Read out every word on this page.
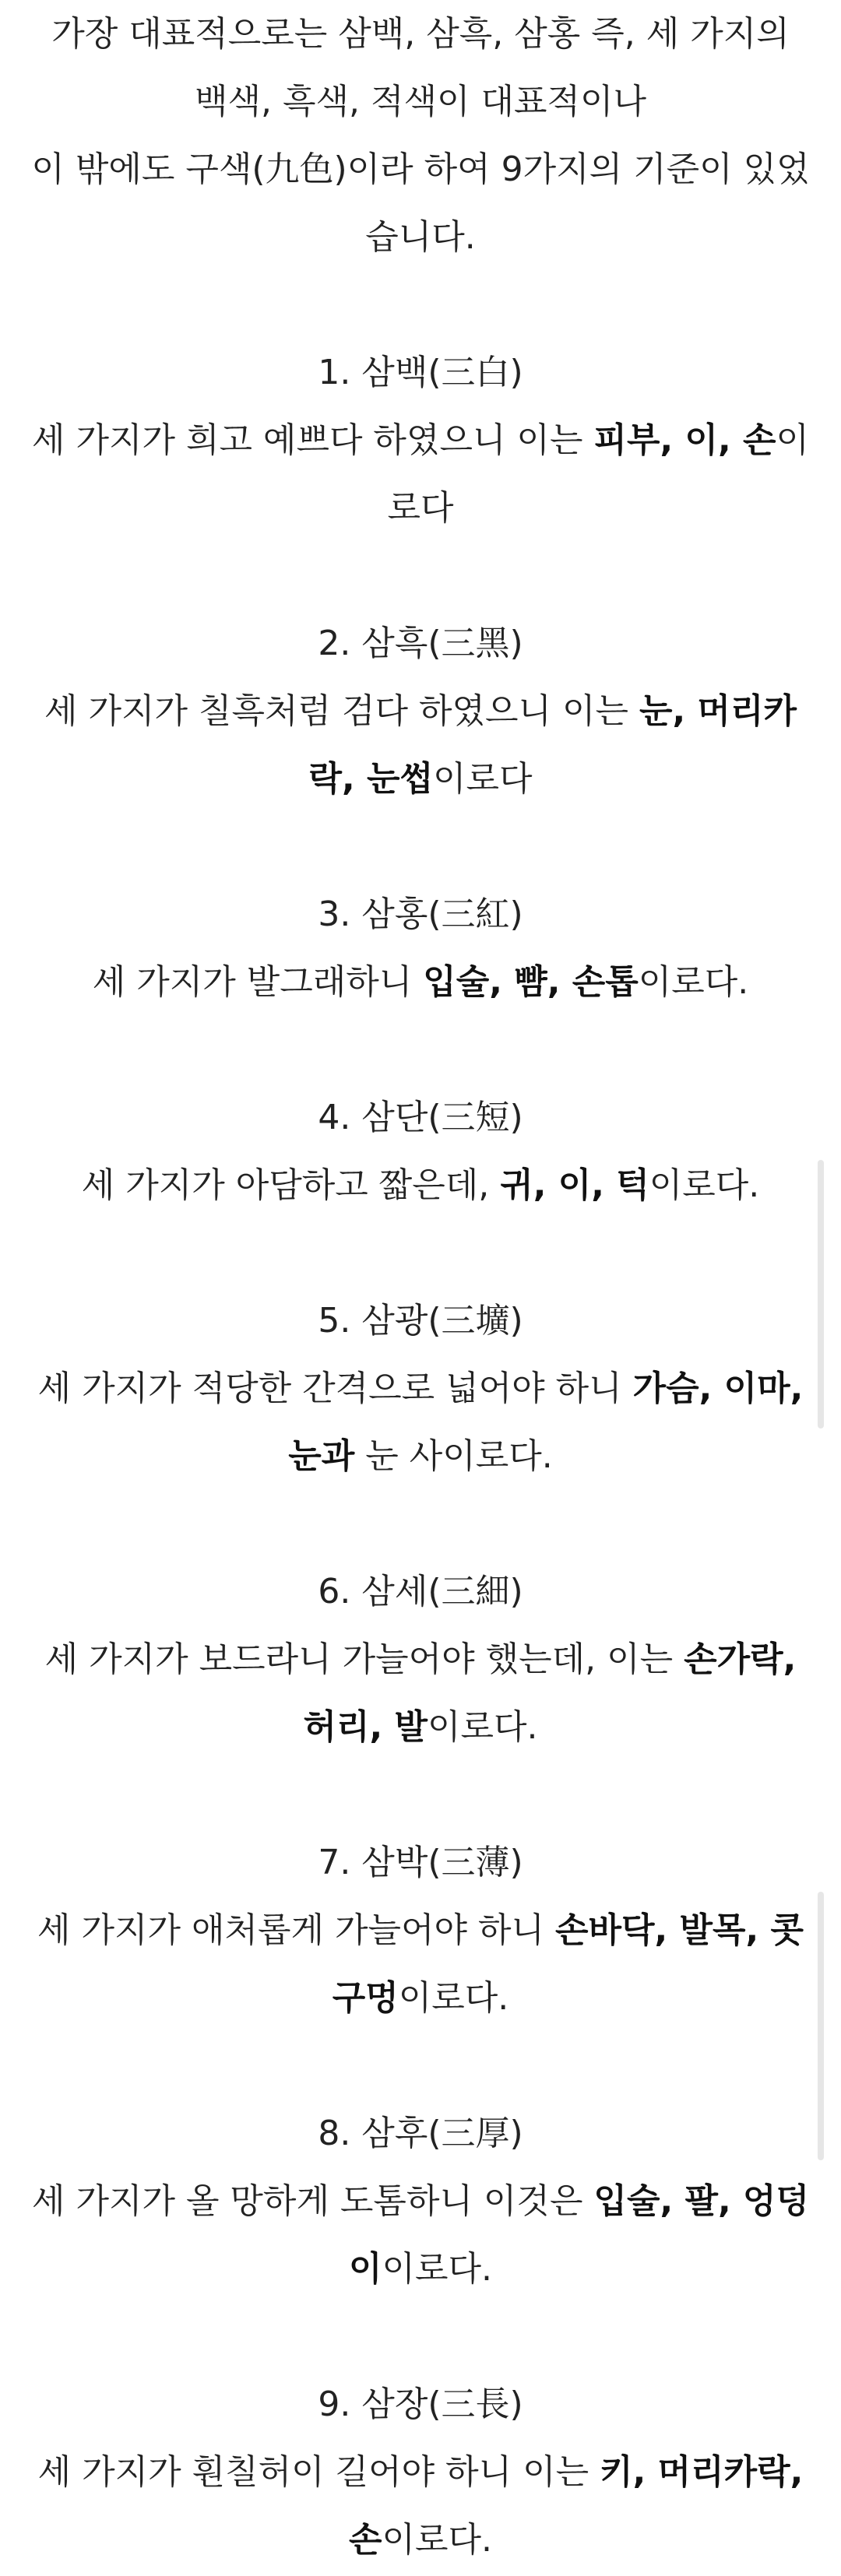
가장 대표적으로는 삼백, 삼흑, 삼홍 즉, 세 가지의 백색, 흑색, 적색이 대표적이나
이 밖에도 구색(九色)이라 하여 9가지의 기준이 있었습니다.

1. 삼백(三白)

세 가지가 희고 예쁘다 하였으니 이는 피부, 이, 손이로다

2. 삼흑(三黑)

세 가지가 칠흑처럼 검다 하였으니 이는 눈, 머리카락, 눈썹이로다

3. 삼홍(三紅)

세 가지가 발그래하니 입술, 뺨, 손톱이로다.

4. 삼단(三短)

세 가지가 아담하고 짧은데, 귀, 이, 턱이로다.

5. 삼광(三壙)

세 가지가 적당한 간격으로 넓어야 하니 가슴, 이마, 눈과 눈 사이로다.

6. 삼세(三細)

세 가지가 보드라니 가늘어야 했는데, 이는 손가락, 허리, 발이로다.

7. 삼박(三薄)

세 가지가 애처롭게 가늘어야 하니 손바닥, 발목, 콧구멍이로다.

8. 삼후(三厚)

세 가지가 올 망하게 도톰하니 이것은 입술, 팔, 엉덩이이로다.

9. 삼장(三長)

세 가지가 훤칠허이 길어야 하니 이는 키, 머리카락, 손이로다.
